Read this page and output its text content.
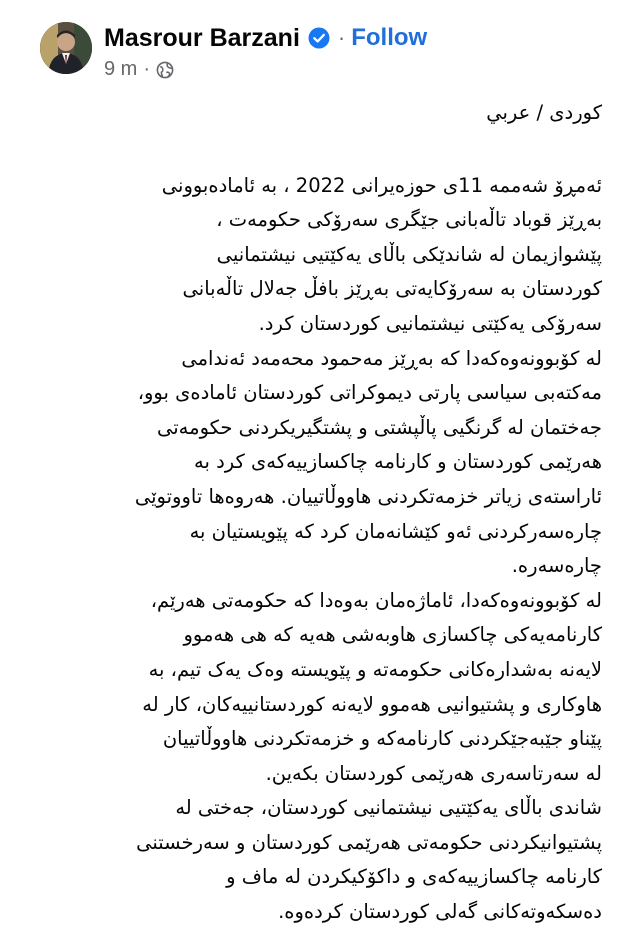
Masrour Barzani · Follow
9 m ·

کوردی / عربي

ئەمڕۆ شەممە 11ی حوزەیرانی 2022 ، بە ئامادەبوونی
بەڕێز قوباد تاڵەبانی جێگری سەرۆکی حکومەت ،
پێشوازیمان لە شاندێکی باڵای یەکێتیی نیشتمانیی
کوردستان بە سەرۆکایەتی بەڕێز بافڵ جەلال تاڵەبانی
سەرۆکی یەکێتی نیشتمانیی کوردستان کرد.

لە کۆبوونەوەکەدا کە بەڕێز مەحمود محەمەد ئەندامی
مەکتەبی سیاسی پارتی دیموکراتی کوردستان ئامادەی بوو،
جەختمان لە گرنگیی پاڵپشتی و پشتگیریکردنی حکومەتی
هەرێمی کوردستان و کارنامە چاکسازییەکەی کرد بە
ئاراستەی زیاتر خزمەتکردنی هاووڵاتییان. هەروەها تاووتوێی
چارەسەرکردنی ئەو کێشانەمان کرد کە پێویستیان بە
چارەسەرە.

لە کۆبوونەوەکەدا، ئاماژەمان بەوەدا کە حکومەتی هەرێم،
کارنامەیەکی چاکسازی هاوبەشی هەیە کە هی هەموو
لایەنە بەشدارەکانی حکومەتە و پێویستە وەک یەک تیم، بە
هاوکاری و پشتیوانیی هەموو لایەنە کوردستانییەکان، کار لە
پێناو جێبەجێکردنی کارنامەکە و خزمەتکردنی هاووڵاتییان
لە سەرتاسەری هەرێمی کوردستان بکەین.

شاندی باڵای یەکێتیی نیشتمانیی کوردستان، جەختی لە
پشتیوانیکردنی حکومەتی هەرێمی کوردستان و سەرخستنی
کارنامە چاکسازییەکەی و داکۆکیکردن لە ماف و
دەسکەوتەکانی گەلی کوردستان کردەوە.
